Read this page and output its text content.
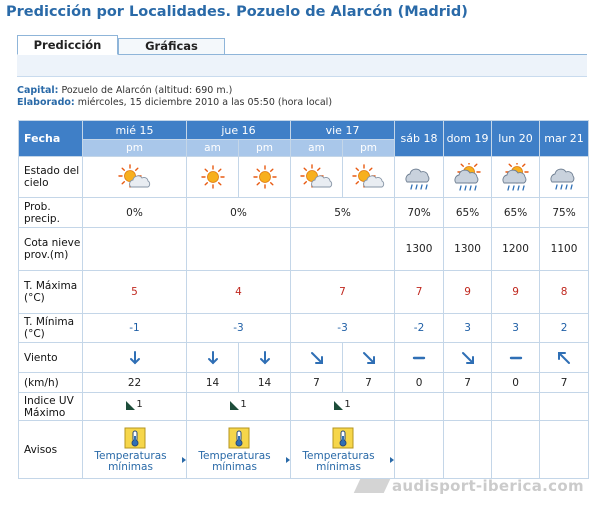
Predicción por Localidades. Pozuelo de Alarcón (Madrid)
Predicción	Gráficas
Capital: Pozuelo de Alarcón (altitud: 690 m.)
Elaborado: miércoles, 15 diciembre 2010 a las 05:50 (hora local)
Fecha	mié 15	jue 16		vie 17		sáb 18	dom 19	lun 20	mar 21
	pm	am	pm	am	pm				
Estado del cielo	

Prob. precip.	0%	0%		5%		70%	65%	65%	75%
Cota nieve prov.(m)						1300	1300	1200	1100
T. Máxima (°C)	5	4		7		7	9	9	8
T. Mínima (°C)	-1	-3		-3		-2	3	3	2
Viento	

(km/h)	22	14	14	7	7	0	7	0	7
Indice UV Máximo	1	1		1					

Avisos	Temperaturas mínimas	Temperaturas mínimas		Temperaturas mínimas					

audisport-iberica.com
